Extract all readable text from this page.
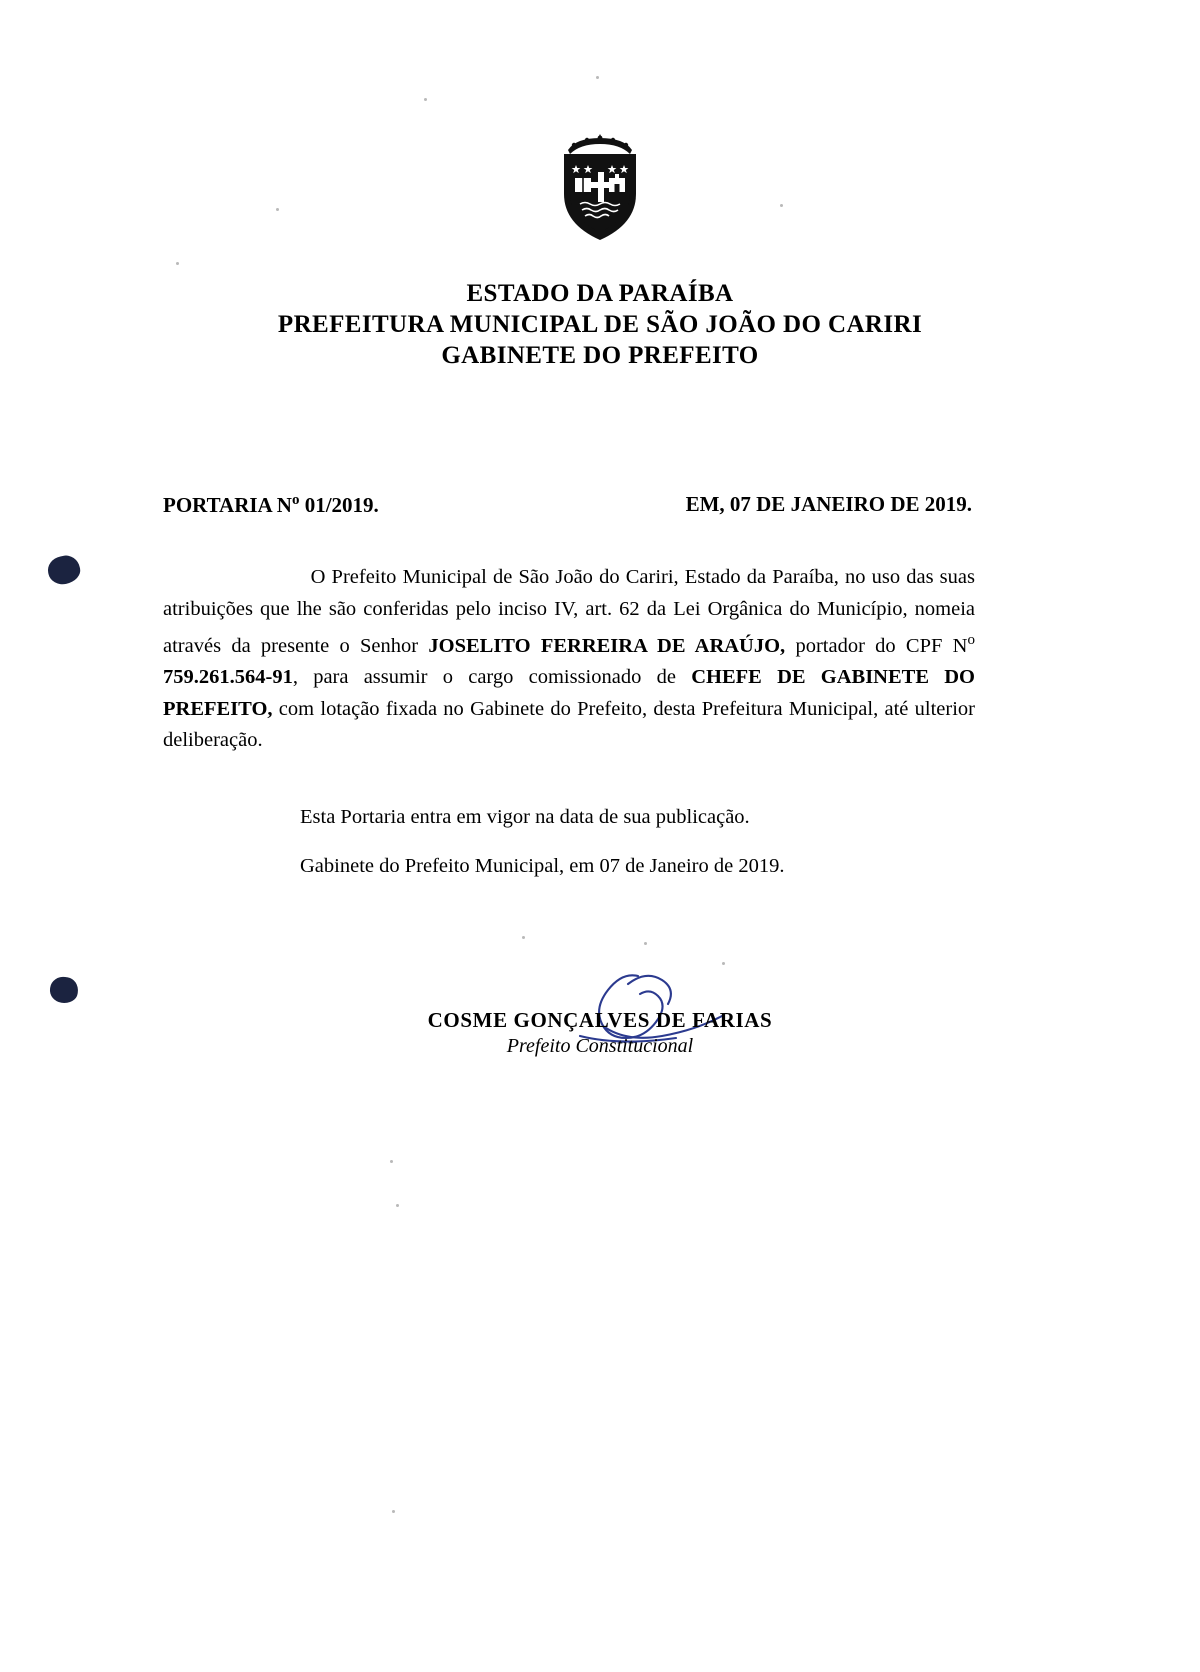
ESTADO DA PARAÍBA
PREFEITURA MUNICIPAL DE SÃO JOÃO DO CARIRI
GABINETE DO PREFEITO
PORTARIA $N^o$ 01/2019.	EM, 07 DE JANEIRO DE 2019.

O Prefeito Municipal de São João do Cariri, Estado da Paraíba, no uso das suas atribuições que lhe são conferidas pelo inciso IV, art. 62 da Lei Orgânica do Município, nomeia através da presente o Senhor JOSELITO FERREIRA DE ARAÚJO, portador do CPF $N^o$ 759.261.564-91, para assumir o cargo comissionado de CHEFE DE GABINETE DO PREFEITO, com lotação fixada no Gabinete do Prefeito, desta Prefeitura Municipal, até ulterior deliberação.

Esta Portaria entra em vigor na data de sua publicação.
Gabinete do Prefeito Municipal, em 07 de Janeiro de 2019.
COSME GONÇALVES DE FARIAS
Prefeito Constitucional
